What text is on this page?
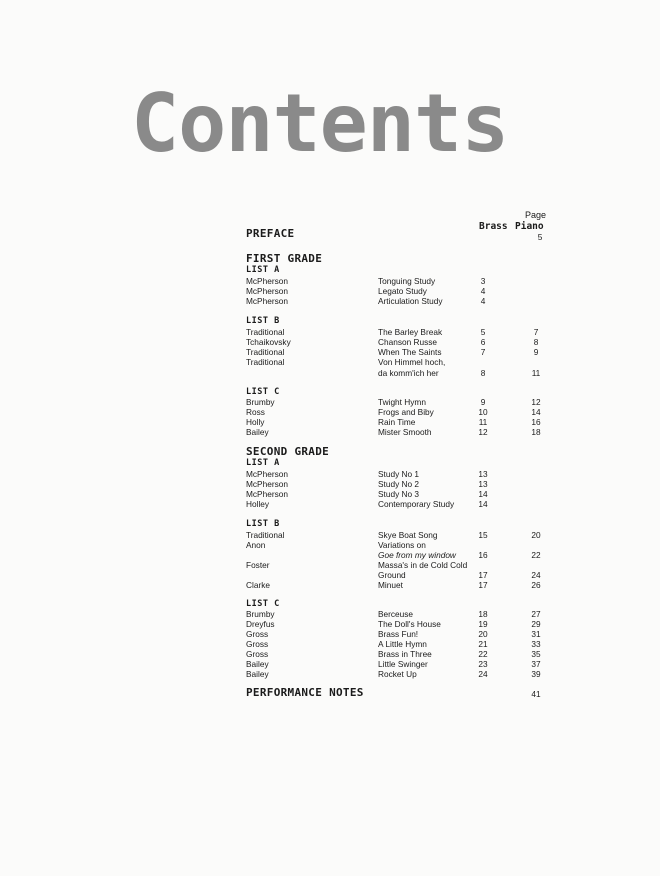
Contents
Page
Brass Piano
PREFACE	5
FIRST GRADE
LIST A
McPherson	Tonguing Study	3
McPherson	Legato Study	4
McPherson	Articulation Study	4
LIST B
Traditional	The Barley Break	5	7
Tchaikovsky	Chanson Russe	6	8
Traditional	When The Saints	7	9
Traditional	Von Himmel hoch,
da komm'ich her	8	11
LIST C
Brumby	Twight Hymn	9	12
Ross	Frogs and Biby	10	14
Holly	Rain Time	11	16
Bailey	Mister Smooth	12	18
SECOND GRADE
LIST A
McPherson	Study No 1	13
McPherson	Study No 2	13
McPherson	Study No 3	14
Holley	Contemporary Study	14
LIST B
Traditional	Skye Boat Song	15	20
Anon	Variations on
Goe from my window	16	22
Foster	Massa's in de Cold Cold
Ground	17	24
Clarke	Minuet	17	26
LIST C
Brumby	Berceuse	18	27
Dreyfus	The Doll's House	19	29
Gross	Brass Fun!	20	31
Gross	A Little Hymn	21	33
Gross	Brass in Three	22	35
Bailey	Little Swinger	23	37
Bailey	Rocket Up	24	39
PERFORMANCE NOTES	41
